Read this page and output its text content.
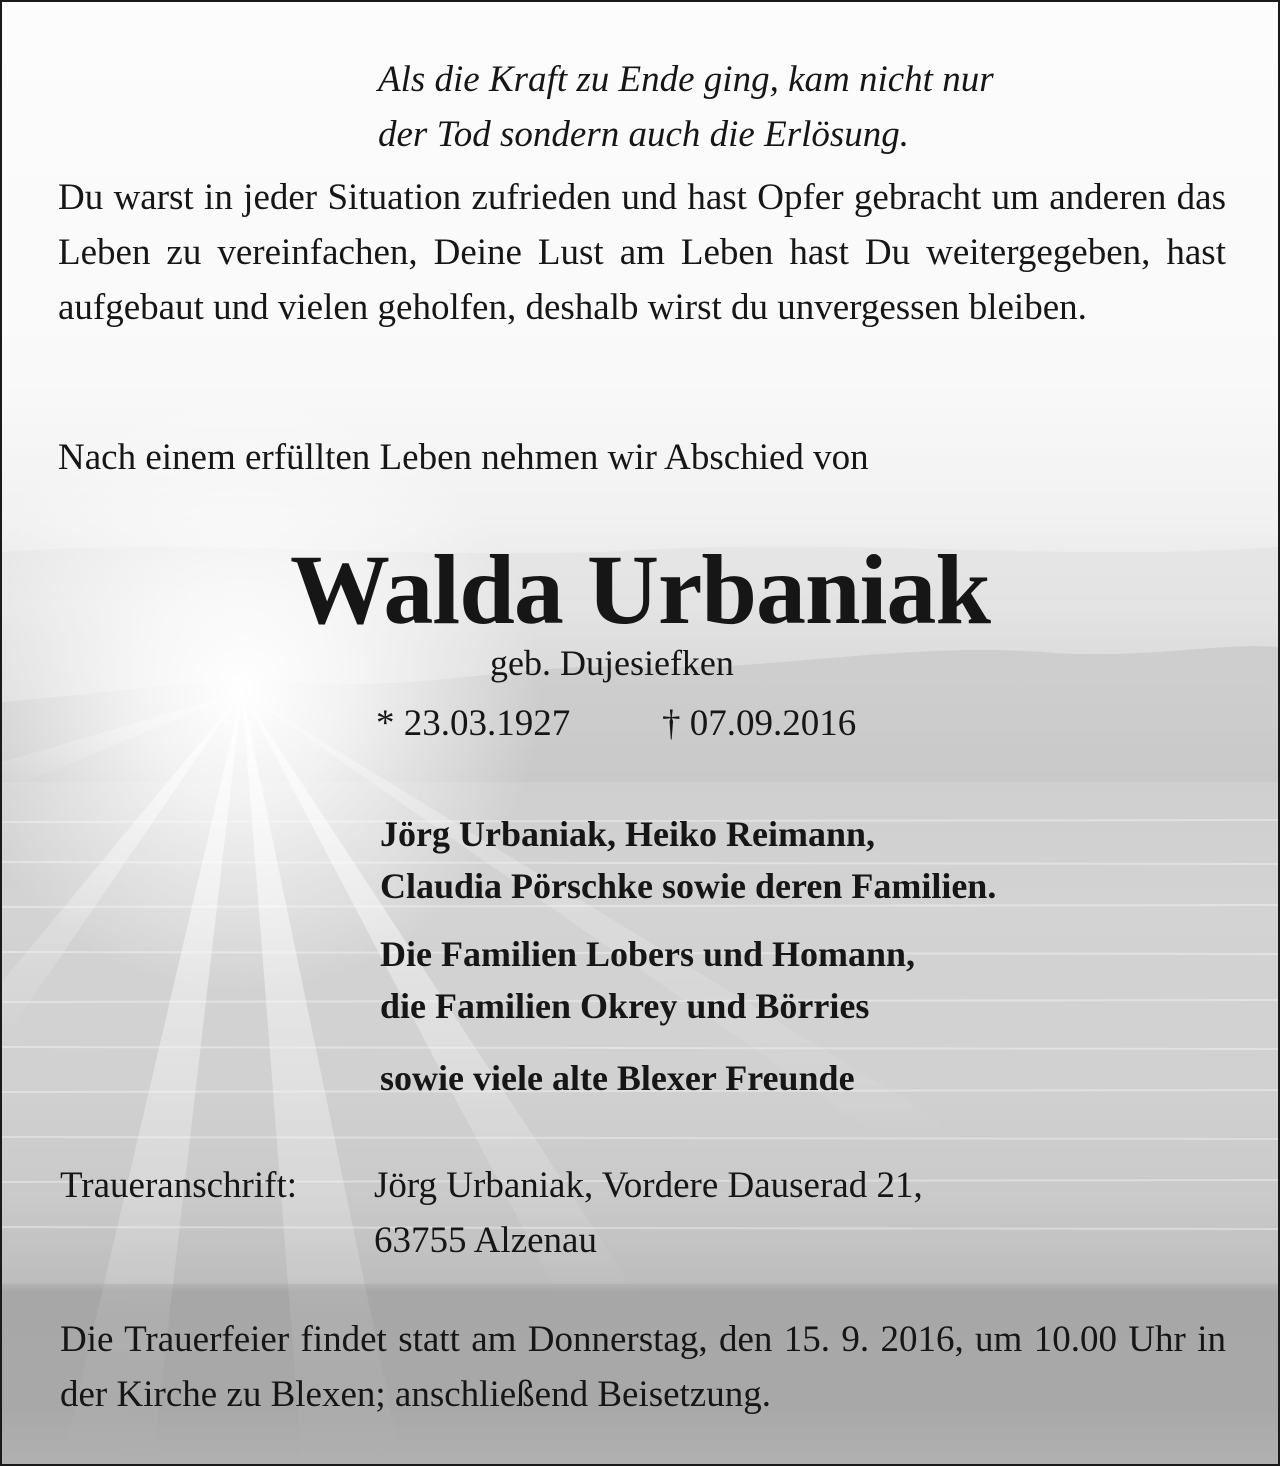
Als die Kraft zu Ende ging, kam nicht nur
der Tod sondern auch die Erlösung.

Du warst in jeder Situation zufrieden und hast Opfer gebracht um anderen das Leben zu vereinfachen, Deine Lust am Leben hast Du weitergegeben, hast aufgebaut und vielen geholfen, deshalb wirst du unvergessen bleiben.

Nach einem erfüllten Leben nehmen wir Abschied von

Walda Urbaniak

geb. Dujesiefken

* 23.03.1927 † 07.09.2016

Jörg Urbaniak, Heiko Reimann,
Claudia Pörschke sowie deren Familien.

Die Familien Lobers und Homann,
die Familien Okrey und Börries

sowie viele alte Blexer Freunde

Traueranschrift: Jörg Urbaniak, Vordere Dauserad 21,
63755 Alzenau

Die Trauerfeier findet statt am Donnerstag, den 15. 9. 2016, um 10.00 Uhr in der Kirche zu Blexen; anschließend Beisetzung.
